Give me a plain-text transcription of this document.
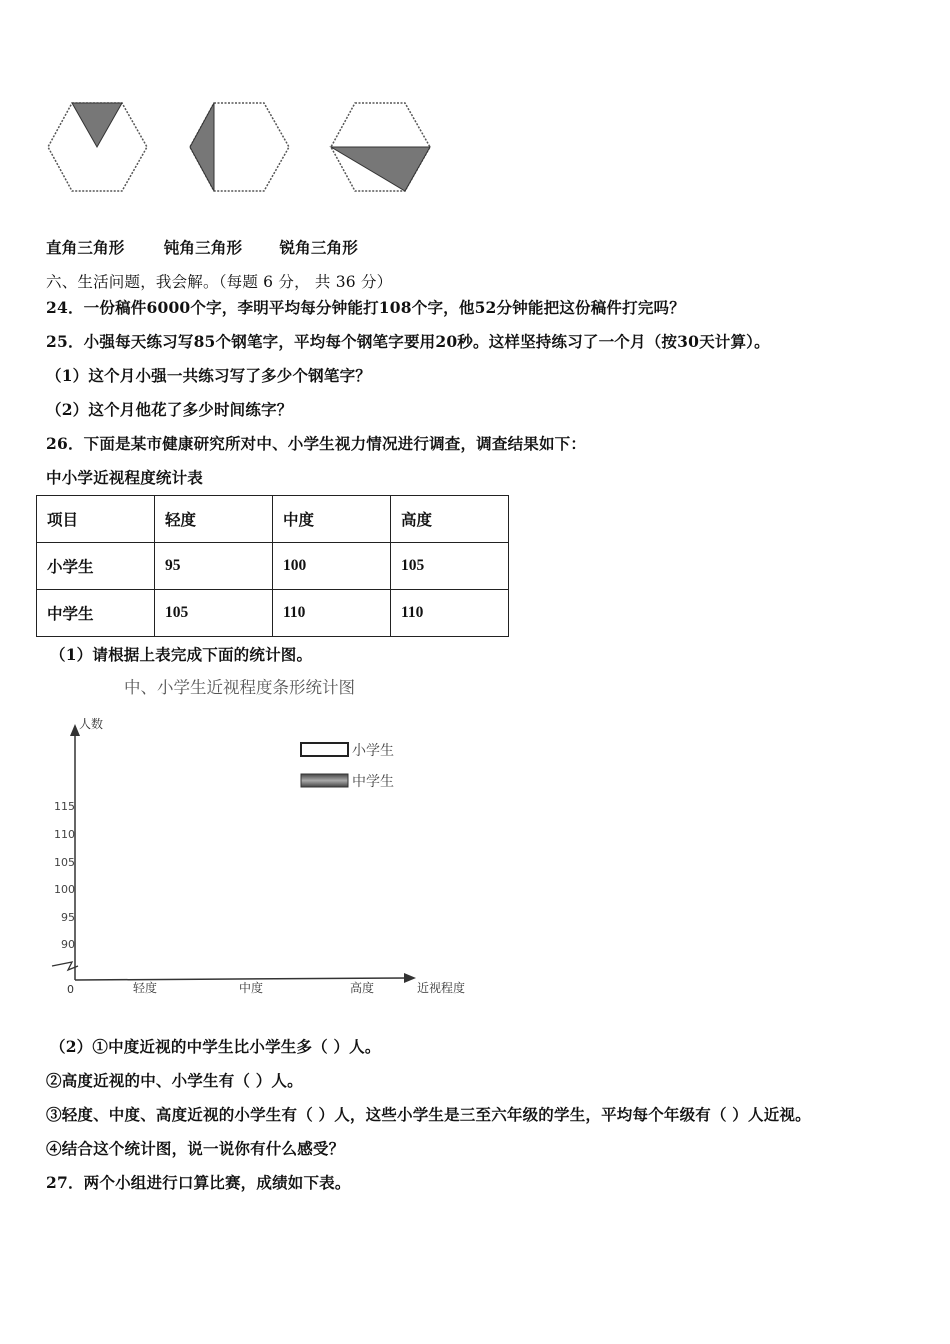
直角三角形	钝角三角形 锐角三角形
六、生活问题，我会解。（每题 6 分， 共 36 分）
24．一份稿件6000个字，李明平均每分钟能打108个字，他52分钟能把这份稿件打完吗？
25．小强每天练习写85个钢笔字，平均每个钢笔字要用20秒。这样坚持练习了一个月（按30天计算）。
（1）这个月小强一共练习写了多少个钢笔字？
（2）这个月他花了多少时间练字？
26．下面是某市健康研究所对中、小学生视力情况进行调查，调查结果如下：
中小学近视程度统计表
项目	轻度	中度	高度
小学生	95	100	105
中学生	105	110	110
（1）请根据上表完成下面的统计图。
中、小学生近视程度条形统计图
人数
近视程度
0
115
110
105
100
95
90
轻度	中度	高度
小学生
中学生
（2）①中度近视的中学生比小学生多（ ）人。
②高度近视的中、小学生有（ ）人。
③轻度、中度、高度近视的小学生有（ ）人，这些小学生是三至六年级的学生，平均每个年级有（ ）人近视。
④结合这个统计图，说一说你有什么感受？
27．两个小组进行口算比赛，成绩如下表。
